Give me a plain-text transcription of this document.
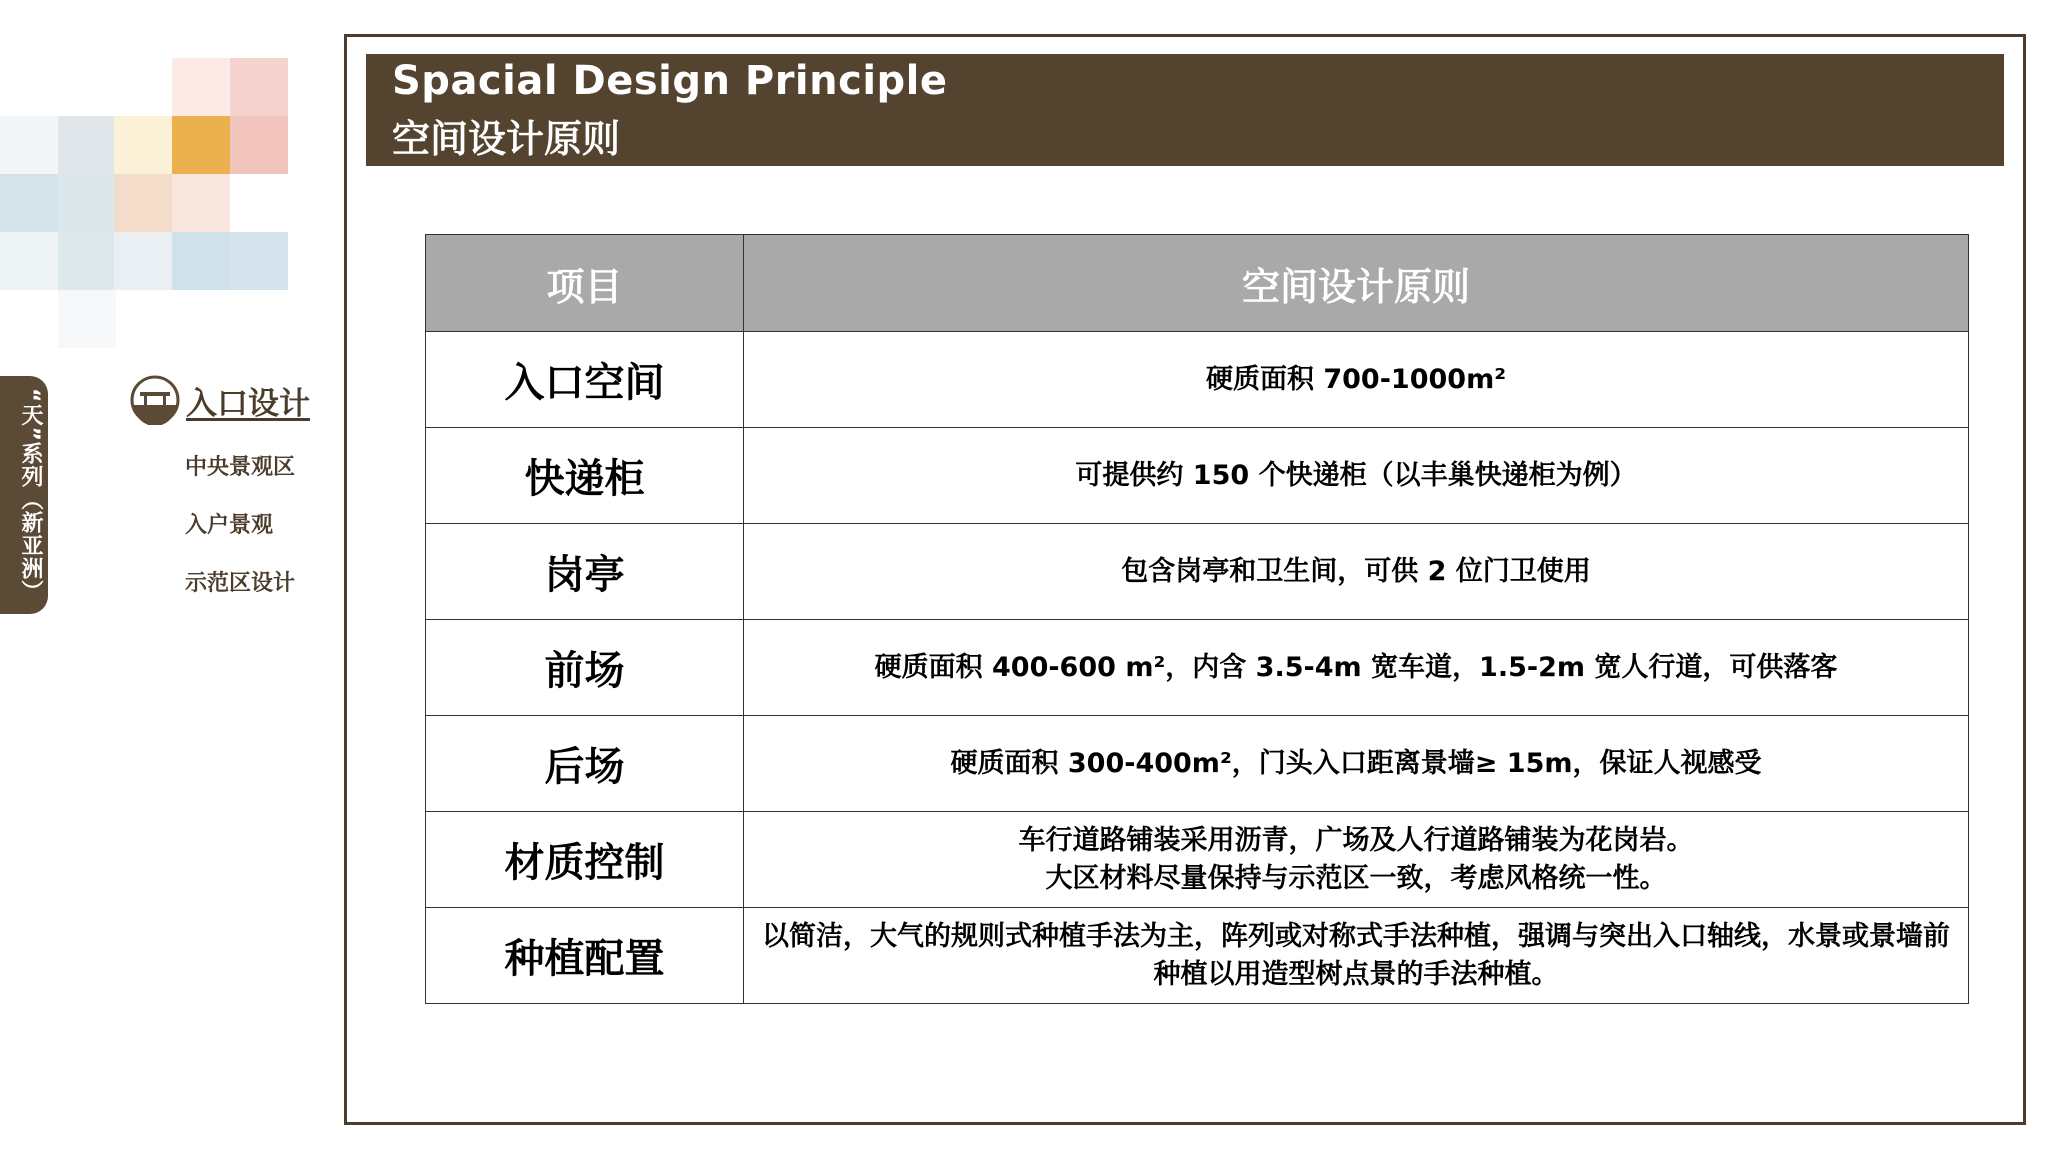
“天”系列（新亚洲）	入口设计
中央景观区
入户景观
示范区设计
Spacial Design Principle
空间设计原则
项目	空间设计原则
入口空间	硬质面积 700-1000m²
快递柜	可提供约 150 个快递柜（以丰巢快递柜为例）
岗亭	包含岗亭和卫生间，可供 2 位门卫使用
前场	硬质面积 400-600 m²，内含 3.5-4m 宽车道，1.5-2m 宽人行道，可供落客
后场	硬质面积 300-400m²，门头入口距离景墙≥ 15m，保证人视感受
材质控制	车行道路铺装采用沥青，广场及人行道路铺装为花岗岩。
大区材料尽量保持与示范区一致，考虑风格统一性。
种植配置	以简洁，大气的规则式种植手法为主，阵列或对称式手法种植，强调与突出入口轴线，水景或景墙前种植以用造型树点景的手法种植。
